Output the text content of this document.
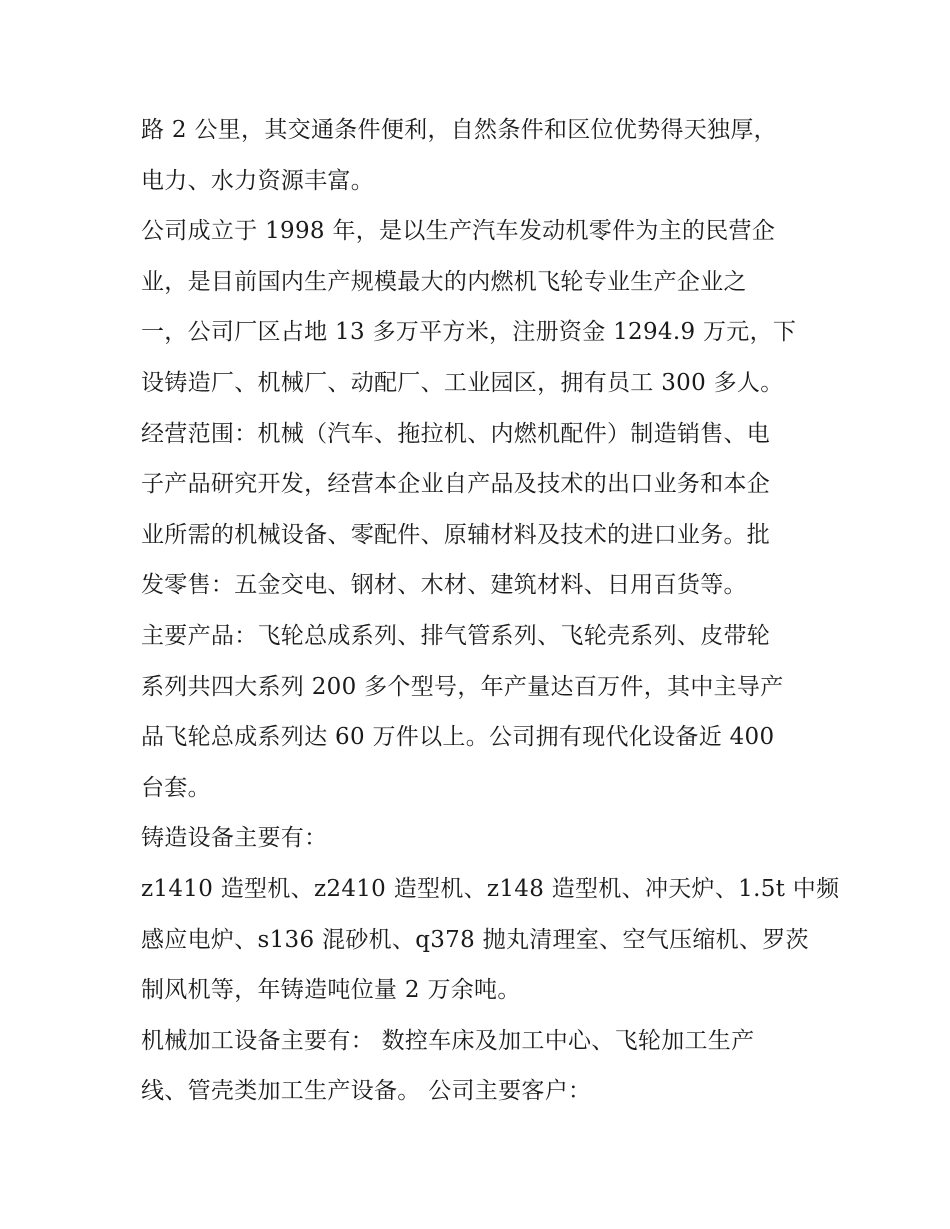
路 2 公里，其交通条件便利，自然条件和区位优势得天独厚，
电力、水力资源丰富。
公司成立于 1998 年，是以生产汽车发动机零件为主的民营企
业，是目前国内生产规模最大的内燃机飞轮专业生产企业之
一，公司厂区占地 13 多万平方米，注册资金 1294.9 万元，下
设铸造厂、机械厂、动配厂、工业园区，拥有员工 300 多人。
经营范围：机械（汽车、拖拉机、内燃机配件）制造销售、电
子产品研究开发，经营本企业自产品及技术的出口业务和本企
业所需的机械设备、零配件、原辅材料及技术的进口业务。批
发零售：五金交电、钢材、木材、建筑材料、日用百货等。
主要产品：飞轮总成系列、排气管系列、飞轮壳系列、皮带轮
系列共四大系列 200 多个型号，年产量达百万件，其中主导产
品飞轮总成系列达 60 万件以上。公司拥有现代化设备近 400
台套。
铸造设备主要有：
z1410 造型机、z2410 造型机、z148 造型机、冲天炉、1.5t 中频
感应电炉、s136 混砂机、q378 抛丸清理室、空气压缩机、罗茨
制风机等，年铸造吨位量 2 万余吨。
机械加工设备主要有： 数控车床及加工中心、飞轮加工生产
线、管壳类加工生产设备。 公司主要客户：
